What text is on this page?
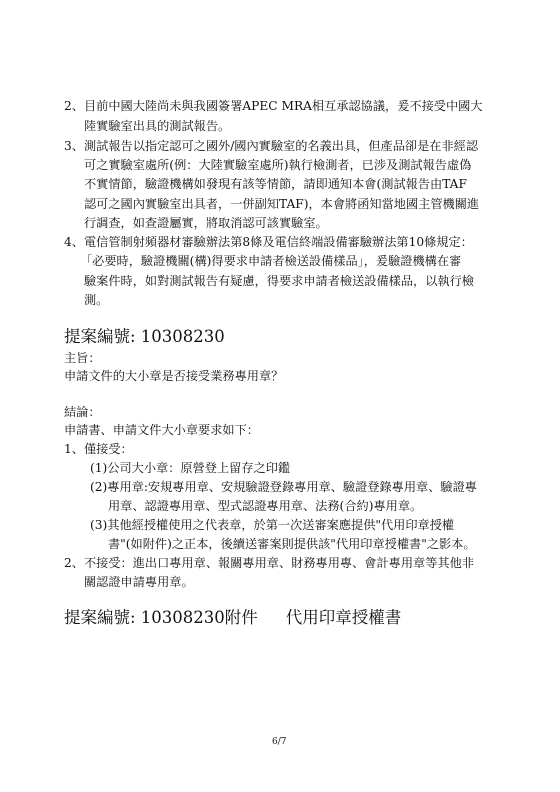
2、目前中國大陸尚未與我國簽署APEC MRA相互承認協議，爰不接受中國大
陸實驗室出具的測試報告。
3、測試報告以指定認可之國外/國內實驗室的名義出具，但產品卻是在非經認
可之實驗室處所(例：大陸實驗室處所)執行檢測者，已涉及測試報告虛偽
不實情節，驗證機構如發現有該等情節，請即通知本會(測試報告由TAF
認可之國內實驗室出具者，一併副知TAF)，本會將函知當地國主管機關進
行調查，如查證屬實，將取消認可該實驗室。
4、電信管制射頻器材審驗辦法第8條及電信終端設備審驗辦法第10條規定：
「必要時，驗證機關(構)得要求申請者檢送設備樣品」，爰驗證機構在審
驗案件時，如對測試報告有疑慮，得要求申請者檢送設備樣品，以執行檢
測。
提案編號: 10308230
主旨：
申請文件的大小章是否接受業務專用章？
結論：
申請書、申請文件大小章要求如下：
1、僅接受：
(1)公司大小章：原營登上留存之印鑑
(2)專用章:安規專用章、安規驗證登錄專用章、驗證登錄專用章、驗證專
用章、認證專用章、型式認證專用章、法務(合約)專用章。
(3)其他經授權使用之代表章，於第一次送審案應提供"代用印章授權
書"(如附件)之正本，後續送審案則提供該"代用印章授權書"之影本。
2、不接受：進出口專用章、報關專用章、財務專用專、會計專用章等其他非
關認證申請專用章。
提案編號: 10308230附件 代用印章授權書
6/7
